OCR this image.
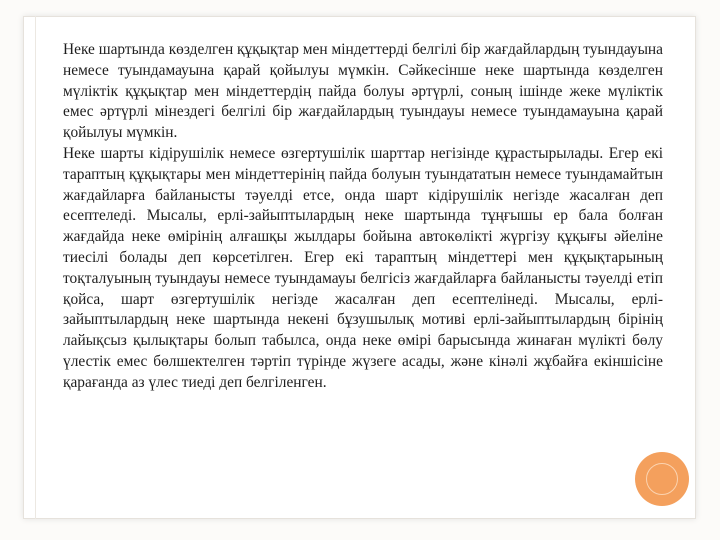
Неке шартында көзделген құқықтар мен міндеттерді белгілі бір жағдайлардың туындауына немесе туындамауына қарай қойылуы мүмкін. Сәйкесінше неке шартында көзделген мүліктік құқықтар мен міндеттердің пайда болуы әртүрлі, соның ішінде жеке мүліктік емес әртүрлі мінездегі белгілі бір жағдайлардың туындауы немесе туындамауына қарай қойылуы мүмкін.

Неке шарты кідірушілік немесе өзгертушілік шарттар негізінде құрастырылады. Егер екі тараптың құқықтары мен міндеттерінің пайда болуын туындататын немесе туындамайтын жағдайларға байланысты тәуелді етсе, онда шарт кідірушілік негізде жасалған деп есептеледі. Мысалы, ерлі-зайыптылардың неке шартында тұңғышы ер бала болған жағдайда неке өмірінің алғашқы жылдары бойына автокөлікті жүргізу құқығы әйеліне тиесілі болады деп көрсетілген. Егер екі тараптың міндеттері мен құқықтарының тоқталуының туындауы немесе туындамауы белгісіз жағдайларға байланысты тәуелді етіп қойса, шарт өзгертушілік негізде жасалған деп есептелінеді. Мысалы, ерлі-зайыптылардың неке шартында некені бұзушылық мотиві ерлі-зайыптылардың бірінің лайықсыз қылықтары болып табылса, онда неке өмірі барысында жинаған мүлікті бөлу үлестік емес бөлшектелген тәртіп түрінде жүзеге асады, және кінәлі жұбайға екіншісіне қарағанда аз үлес тиеді деп белгіленген.
